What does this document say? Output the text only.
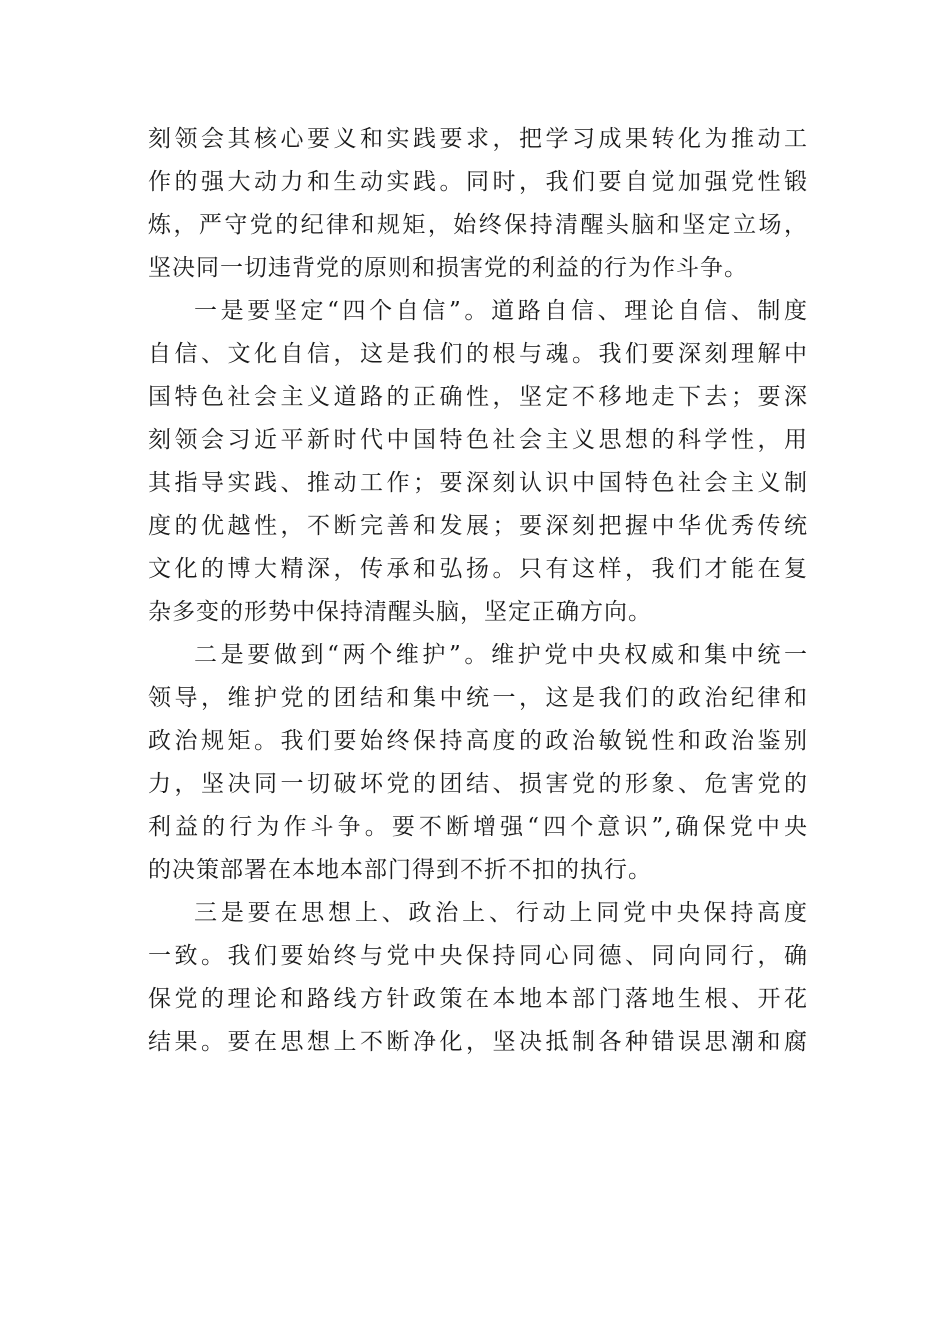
刻领会其核心要义和实践要求，把学习成果转化为推动工
作的强大动力和生动实践。同时，我们要自觉加强党性锻
炼，严守党的纪律和规矩，始终保持清醒头脑和坚定立场，
坚决同一切违背党的原则和损害党的利益的行为作斗争。
一是要坚定“四个自信”。道路自信、理论自信、制度
自信、文化自信，这是我们的根与魂。我们要深刻理解中
国特色社会主义道路的正确性，坚定不移地走下去；要深
刻领会习近平新时代中国特色社会主义思想的科学性，用
其指导实践、推动工作；要深刻认识中国特色社会主义制
度的优越性，不断完善和发展；要深刻把握中华优秀传统
文化的博大精深，传承和弘扬。只有这样，我们才能在复
杂多变的形势中保持清醒头脑，坚定正确方向。
二是要做到“两个维护”。维护党中央权威和集中统一
领导，维护党的团结和集中统一，这是我们的政治纪律和
政治规矩。我们要始终保持高度的政治敏锐性和政治鉴别
力，坚决同一切破坏党的团结、损害党的形象、危害党的
利益的行为作斗争。要不断增强“四个意识”,确保党中央
的决策部署在本地本部门得到不折不扣的执行。
三是要在思想上、政治上、行动上同党中央保持高度
一致。我们要始终与党中央保持同心同德、同向同行，确
保党的理论和路线方针政策在本地本部门落地生根、开花
结果。要在思想上不断净化，坚决抵制各种错误思潮和腐
